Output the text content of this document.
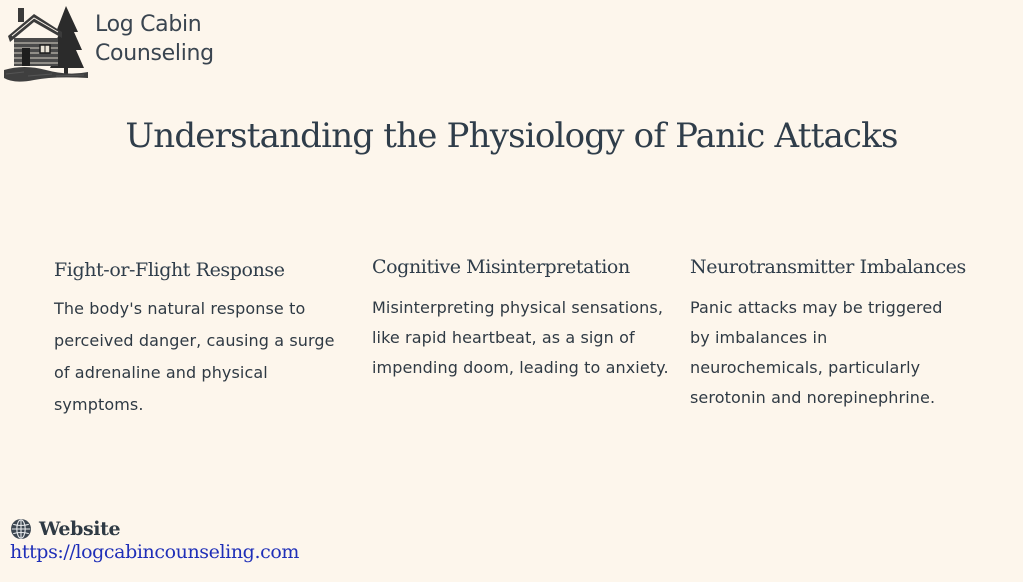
Log Cabin
Counseling
Understanding the Physiology of Panic Attacks
Fight-or-Flight Response

The body's natural response to perceived danger, causing a surge of adrenaline and physical symptoms.

Cognitive Misinterpretation

Misinterpreting physical sensations, like rapid heartbeat, as a sign of impending doom, leading to anxiety.

Neurotransmitter Imbalances

Panic attacks may be triggered by imbalances in neurochemicals, particularly serotonin and norepinephrine.

Website
https://logcabincounseling.com
